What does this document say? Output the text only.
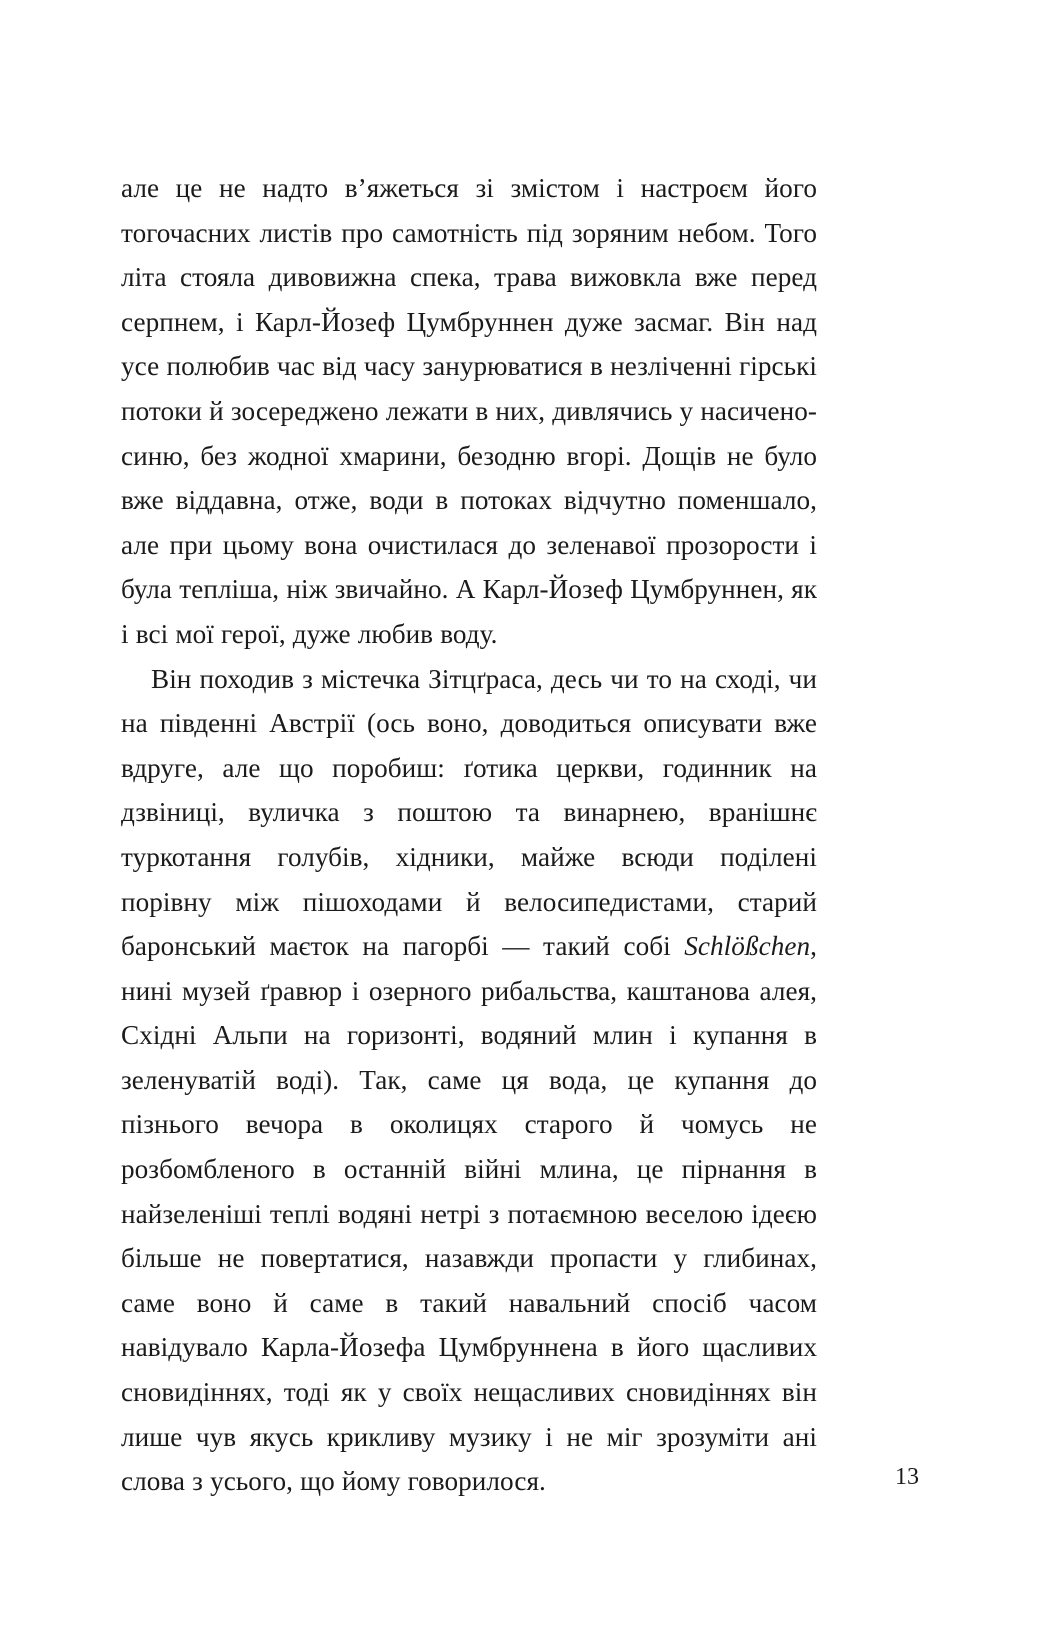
але це не надто в’яжеться зі змістом і настроєм його тогочасних листів про самотність під зоряним небом. Того літа стояла дивовижна спека, трава вижовкла вже перед серпнем, і Карл-Йозеф Цумбруннен дуже засмаг. Він над усе полюбив час від часу занурюватися в незліченні гірські потоки й зосереджено лежати в них, дивлячись у насичено-синю, без жодної хмарини, безодню вгорі. Дощів не було вже віддавна, отже, води в потоках відчутно поменшало, але при цьому вона очистилася до зеленавої прозорости і була тепліша, ніж звичайно. А Карл-Йозеф Цумбруннен, як і всі мої герої, дуже любив воду.

Він походив з містечка Зітцґраса, десь чи то на сході, чи на південні Австрії (ось воно, доводиться описувати вже вдруге, але що поробиш: ґотика церкви, годинник на дзвіниці, вуличка з поштою та винарнею, вранішнє туркотання голубів, хідники, майже всюди поділені порівну між пішоходами й велосипедистами, старий баронський маєток на пагорбі — такий собі Schlößchen, нині музей ґравюр і озерного рибальства, каштанова алея, Східні Альпи на горизонті, водяний млин і купання в зеленуватій воді). Так, саме ця вода, це купання до пізнього вечора в околицях старого й чомусь не розбомбленого в останній війні млина, це пірнання в найзеленіші теплі водяні нетрі з потаємною веселою ідеєю більше не повертатися, назавжди пропасти у глибинах, саме воно й саме в такий навальний спосіб часом навідувало Карла-Йозефа Цумбруннена в його щасливих сновидіннях, тоді як у своїх нещасливих сновидіннях він лише чув якусь крикливу музику і не міг зрозуміти ані слова з усього, що йому говорилося.	13
